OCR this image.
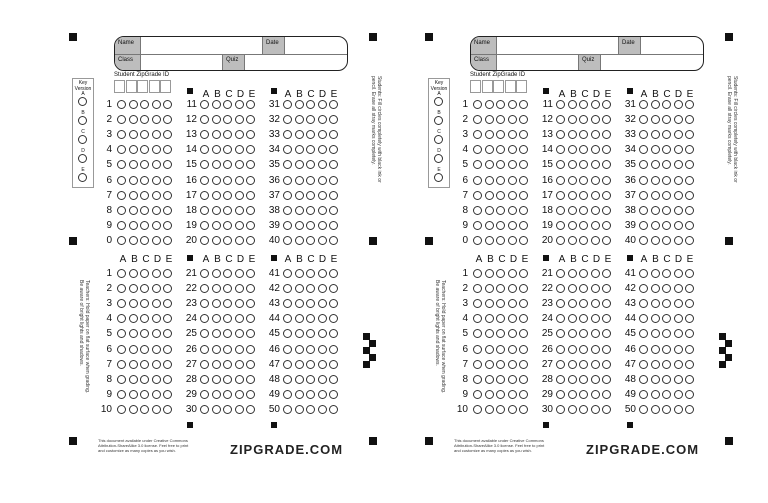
Name	Date
Class	Quiz
Student ZipGrade ID
Key Version
A
B
C
D
E
A B C D E	A B C D E
A B C D E	A B C D E	A B C D E
1	11	31
2	12	32
3	13	33
4	14	34
5	15	35
6	16	36
7	17	37
8	18	38
9	19	39
0	20	40
1	21	41
2	22	42
3	23	43
4	24	44
5	25	45
6	26	46
7	27	47
8	28	48
9	29	49
10	30	50
Students: Fill circles completely with black ink or pencil. Erase all stray marks completely.
Teachers: Hold paper on flat surface when grading. Be aware of bright lights and shadows.
This document available under Creative Commons Attribution-ShareAlike 3.0 license. Feel free to print and customize as many copies as you wish.	ZIPGRADE.COM
Name	Date
Class	Quiz
Student ZipGrade ID
Key Version
A
B
C
D
E
A B C D E	A B C D E
A B C D E	A B C D E	A B C D E
1	11	31
2	12	32
3	13	33
4	14	34
5	15	35
6	16	36
7	17	37
8	18	38
9	19	39
0	20	40
1	21	41
2	22	42
3	23	43
4	24	44
5	25	45
6	26	46
7	27	47
8	28	48
9	29	49
10	30	50
Students: Fill circles completely with black ink or pencil. Erase all stray marks completely.
Teachers: Hold paper on flat surface when grading. Be aware of bright lights and shadows.
This document available under Creative Commons Attribution-ShareAlike 3.0 license. Feel free to print and customize as many copies as you wish.	ZIPGRADE.COM
